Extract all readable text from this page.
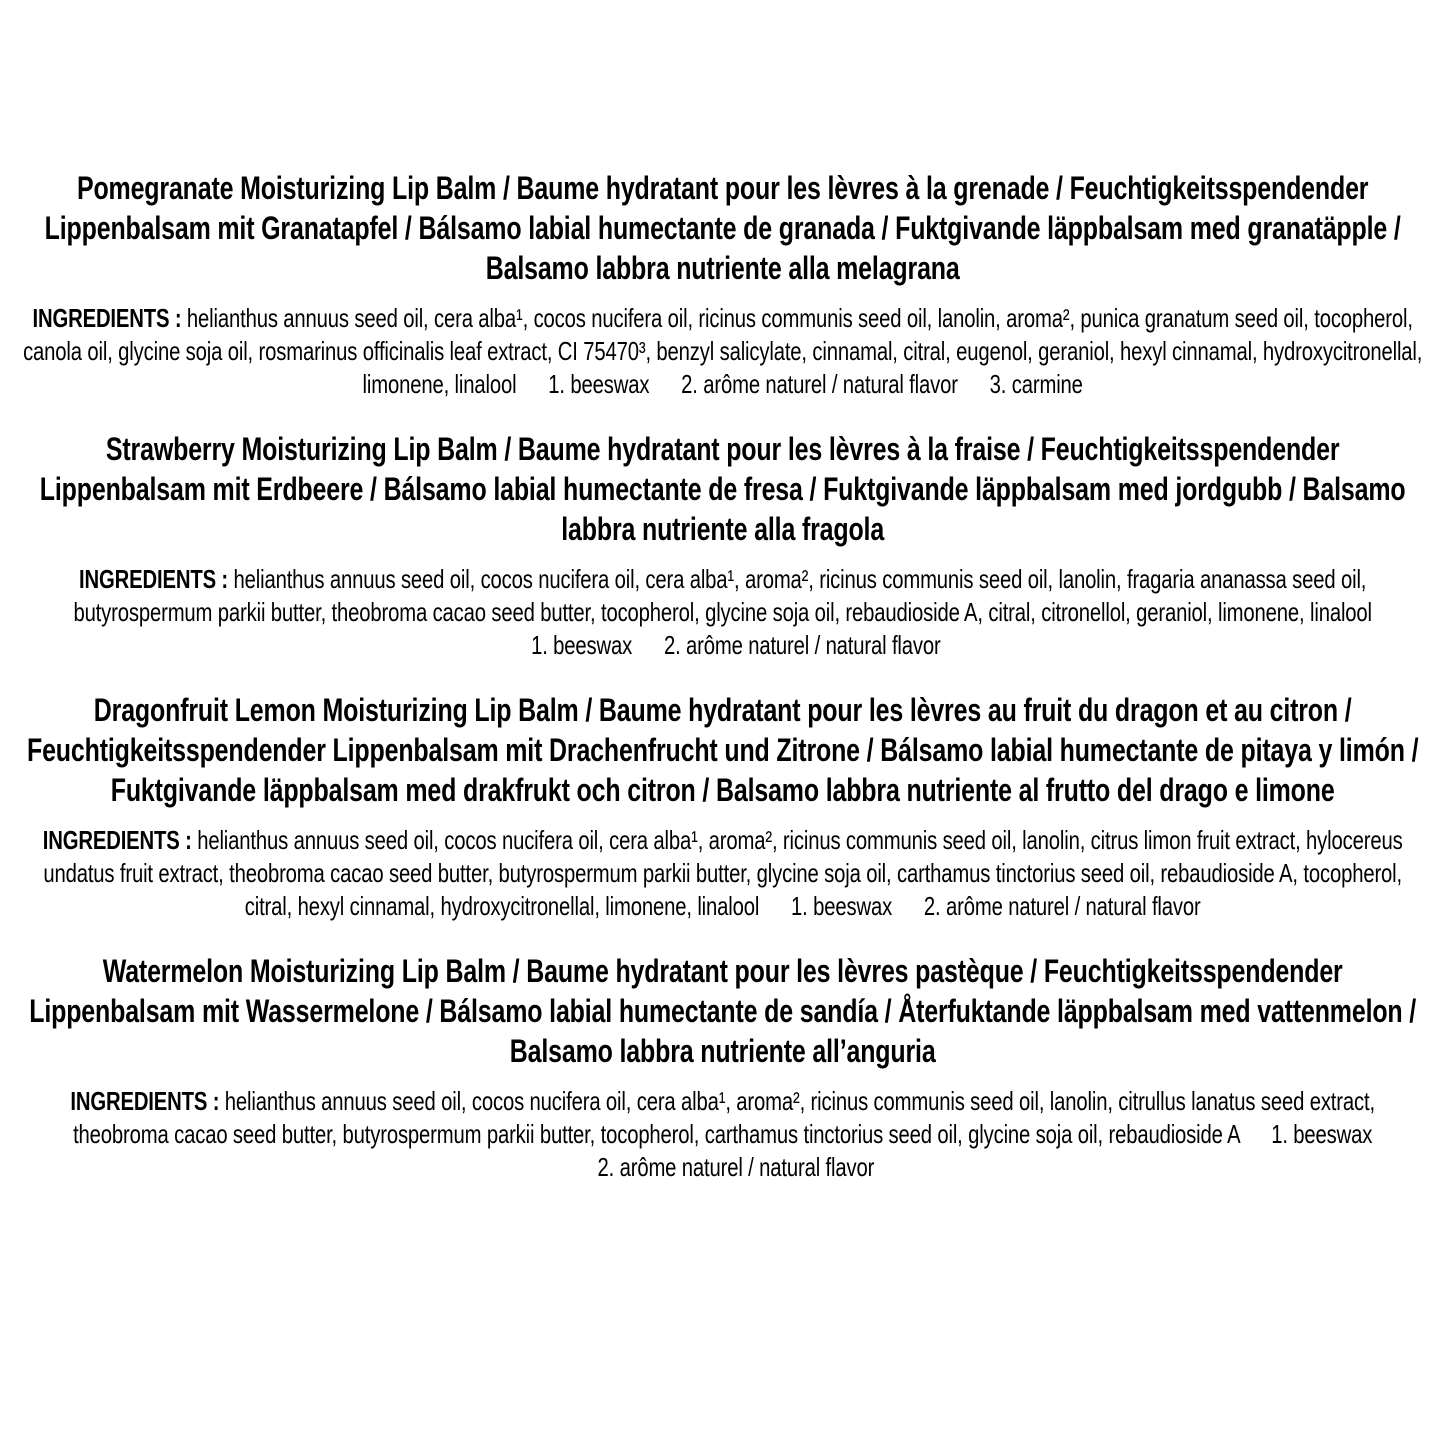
Pomegranate Moisturizing Lip Balm / Baume hydratant pour les lèvres à la grenade / Feuchtigkeitsspendender Lippenbalsam mit Granatapfel / Bálsamo labial humectante de granada / Fuktgivande läppbalsam med granatäpple / Balsamo labbra nutriente alla melagrana

INGREDIENTS : helianthus annuus seed oil, cera alba¹, cocos nucifera oil, ricinus communis seed oil, lanolin, aroma², punica granatum seed oil, tocopherol, canola oil, glycine soja oil, rosmarinus officinalis leaf extract, CI 75470³, benzyl salicylate, cinnamal, citral, eugenol, geraniol, hexyl cinnamal, hydroxycitronellal, limonene, linalool 1. beeswax 2. arôme naturel / natural flavor 3. carmine

Strawberry Moisturizing Lip Balm / Baume hydratant pour les lèvres à la fraise / Feuchtigkeitsspendender Lippenbalsam mit Erdbeere / Bálsamo labial humectante de fresa / Fuktgivande läppbalsam med jordgubb / Balsamo labbra nutriente alla fragola

INGREDIENTS : helianthus annuus seed oil, cocos nucifera oil, cera alba¹, aroma², ricinus communis seed oil, lanolin, fragaria ananassa seed oil, butyrospermum parkii butter, theobroma cacao seed butter, tocopherol, glycine soja oil, rebaudioside A, citral, citronellol, geraniol, limonene, linalool 1. beeswax 2. arôme naturel / natural flavor

Dragonfruit Lemon Moisturizing Lip Balm / Baume hydratant pour les lèvres au fruit du dragon et au citron / Feuchtigkeitsspendender Lippenbalsam mit Drachenfrucht und Zitrone / Bálsamo labial humectante de pitaya y limón / Fuktgivande läppbalsam med drakfrukt och citron / Balsamo labbra nutriente al frutto del drago e limone

INGREDIENTS : helianthus annuus seed oil, cocos nucifera oil, cera alba¹, aroma², ricinus communis seed oil, lanolin, citrus limon fruit extract, hylocereus undatus fruit extract, theobroma cacao seed butter, butyrospermum parkii butter, glycine soja oil, carthamus tinctorius seed oil, rebaudioside A, tocopherol, citral, hexyl cinnamal, hydroxycitronellal, limonene, linalool 1. beeswax 2. arôme naturel / natural flavor

Watermelon Moisturizing Lip Balm / Baume hydratant pour les lèvres pastèque / Feuchtigkeitsspendender Lippenbalsam mit Wassermelone / Bálsamo labial humectante de sandía / Återfuktande läppbalsam med vattenmelon / Balsamo labbra nutriente all’anguria

INGREDIENTS : helianthus annuus seed oil, cocos nucifera oil, cera alba¹, aroma², ricinus communis seed oil, lanolin, citrullus lanatus seed extract, theobroma cacao seed butter, butyrospermum parkii butter, tocopherol, carthamus tinctorius seed oil, glycine soja oil, rebaudioside A 1. beeswax 2. arôme naturel / natural flavor
